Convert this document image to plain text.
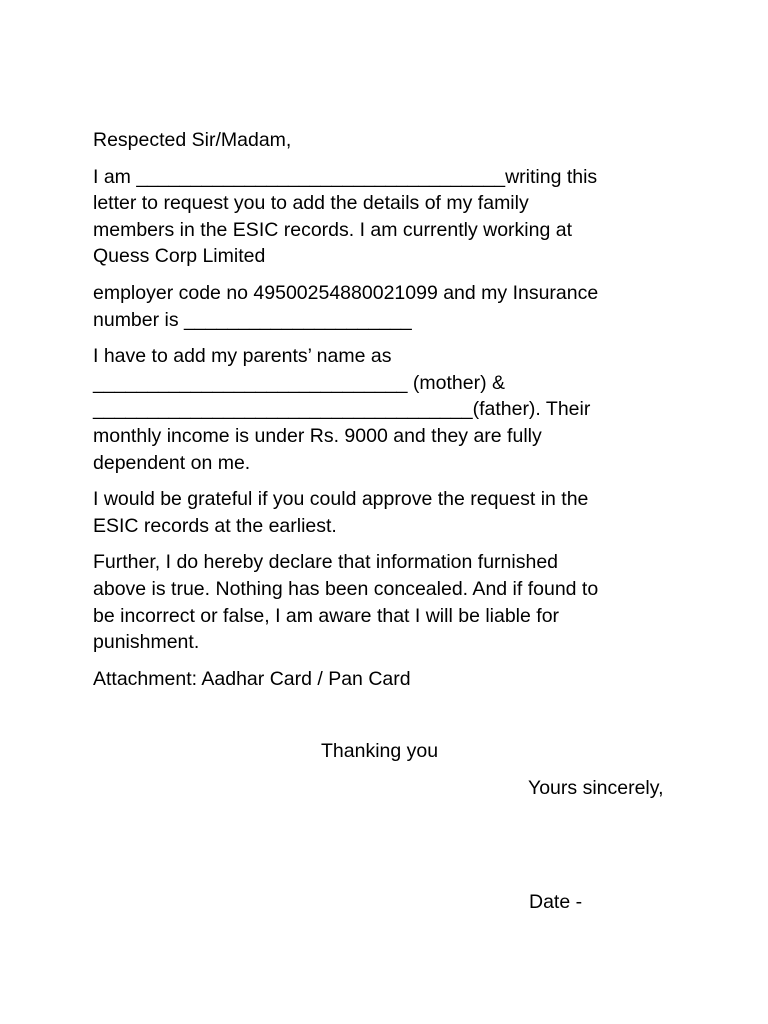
Respected Sir/Madam,

I am __________________________________writing this
letter to request you to add the details of my family
members in the ESIC records. I am currently working at
Quess Corp Limited

employer code no 49500254880021099 and my Insurance
number is _____________________

I have to add my parents’ name as
_____________________________ (mother) &
___________________________________(father). Their
monthly income is under Rs. 9000 and they are fully
dependent on me.

I would be grateful if you could approve the request in the
ESIC records at the earliest.

Further, I do hereby declare that information furnished
above is true. Nothing has been concealed. And if found to
be incorrect or false, I am aware that I will be liable for
punishment.

Attachment: Aadhar Card / Pan Card

Thanking you
Yours sincerely,
Date -
